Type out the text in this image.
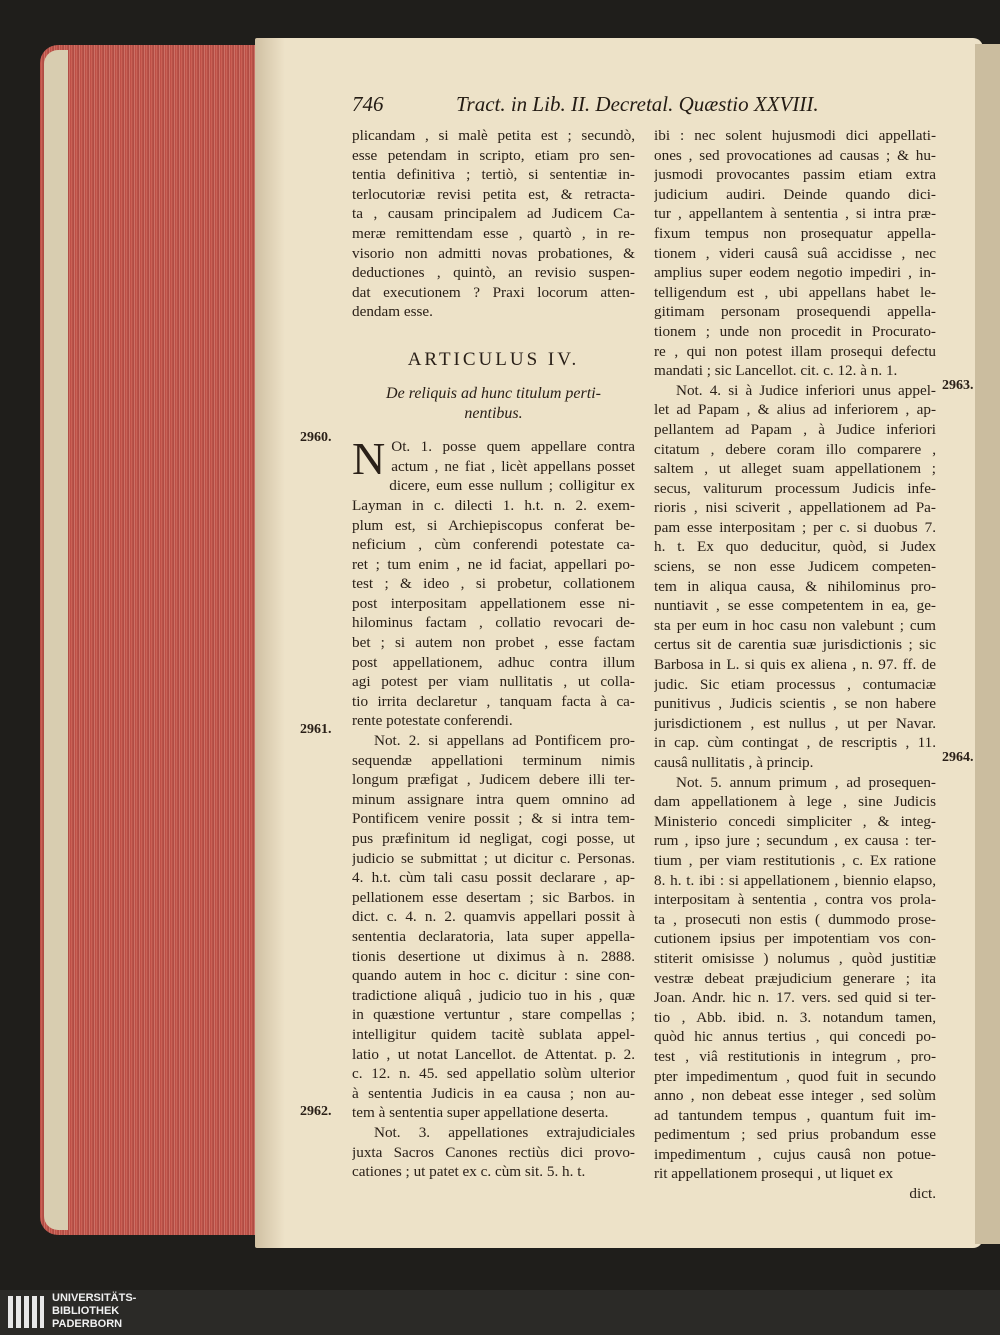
746	Tract. in Lib. II. Decretal. Quæstio XXVIII.
plicandam , si malè petita est ; secundò,
esse petendam in scripto, etiam pro sen-
tentia definitiva ; tertiò, si sententiæ in-
terlocutoriæ revisi petita est, & retracta-
ta , causam principalem ad Judicem Ca-
meræ remittendam esse , quartò , in re-
visorio non admitti novas probationes, &
deductiones , quintò, an revisio suspen-
dat executionem ? Praxi locorum atten-
dendam esse.
ARTICULUS IV.
De reliquis ad hunc titulum perti-
nentibus.
N Ot. 1. posse quem appellare contra
actum , ne fiat , licèt appellans posset
dicere, eum esse nullum ; colligitur ex
Layman in c. dilecti 1. h.t. n. 2. exem-
plum est, si Archiepiscopus conferat be-
neficium , cùm conferendi potestate ca-
ret ; tum enim , ne id faciat, appellari po-
test ; & ideo , si probetur, collationem
post interpositam appellationem esse ni-
hilominus factam , collatio revocari de-
bet ; si autem non probet , esse factam
post appellationem, adhuc contra illum
agi potest per viam nullitatis , ut colla-
tio irrita declaretur , tanquam facta à ca-
rente potestate conferendi.
Not. 2. si appellans ad Pontificem pro-
sequendæ appellationi terminum nimis
longum præfigat , Judicem debere illi ter-
minum assignare intra quem omnino ad
Pontificem venire possit ; & si intra tem-
pus præfinitum id negligat, cogi posse, ut
judicio se submittat ; ut dicitur c. Personas.
4. h.t. cùm tali casu possit declarare , ap-
pellationem esse desertam ; sic Barbos. in
dict. c. 4. n. 2. quamvis appellari possit à
sententia declaratoria, lata super appella-
tionis desertione ut diximus à n. 2888.
quando autem in hoc c. dicitur : sine con-
tradictione aliquâ , judicio tuo in his , quæ
in quæstione vertuntur , stare compellas ;
intelligitur quidem tacitè sublata appel-
latio , ut notat Lancellot. de Attentat. p. 2.
c. 12. n. 45. sed appellatio solùm ulterior
à sententia Judicis in ea causa ; non au-
tem à sententia super appellatione deserta.
Not. 3. appellationes extrajudiciales
juxta Sacros Canones rectiùs dici provo-
cationes ; ut patet ex c. cùm sit. 5. h. t.
ibi : nec solent hujusmodi dici appellati-
ones , sed provocationes ad causas ; & hu-
jusmodi provocantes passim etiam extra
judicium audiri. Deinde quando dici-
tur , appellantem à sententia , si intra præ-
fixum tempus non prosequatur appella-
tionem , videri causâ suâ accidisse , nec
amplius super eodem negotio impediri , in-
telligendum est , ubi appellans habet le-
gitimam personam prosequendi appella-
tionem ; unde non procedit in Procurato-
re , qui non potest illam prosequi defectu
mandati ; sic Lancellot. cit. c. 12. à n. 1.
Not. 4. si à Judice inferiori unus appel-
let ad Papam , & alius ad inferiorem , ap-
pellantem ad Papam , à Judice inferiori
citatum , debere coram illo comparere ,
saltem , ut alleget suam appellationem ;
secus, valiturum processum Judicis infe-
rioris , nisi sciverit , appellationem ad Pa-
pam esse interpositam ; per c. si duobus 7.
h. t. Ex quo deducitur, quòd, si Judex
sciens, se non esse Judicem competen-
tem in aliqua causa, & nihilominus pro-
nuntiavit , se esse competentem in ea, ge-
sta per eum in hoc casu non valebunt ; cum
certus sit de carentia suæ jurisdictionis ; sic
Barbosa in L. si quis ex aliena , n. 97. ff. de
judic. Sic etiam processus , contumaciæ
punitivus , Judicis scientis , se non habere
jurisdictionem , est nullus , ut per Navar.
in cap. cùm contingat , de rescriptis , 11.
causâ nullitatis , à princip.
Not. 5. annum primum , ad prosequen-
dam appellationem à lege , sine Judicis
Ministerio concedi simpliciter , & integ-
rum , ipso jure ; secundum , ex causa : ter-
tium , per viam restitutionis , c. Ex ratione
8. h. t. ibi : si appellationem , biennio elapso,
interpositam à sententia , contra vos prola-
ta , prosecuti non estis ( dummodo prose-
cutionem ipsius per impotentiam vos con-
stiterit omisisse ) nolumus , quòd justitiæ
vestræ debeat præjudicium generare ; ita
Joan. Andr. hic n. 17. vers. sed quid si ter-
tio , Abb. ibid. n. 3. notandum tamen,
quòd hic annus tertius , qui concedi po-
test , viâ restitutionis in integrum , pro-
pter impedimentum , quod fuit in secundo
anno , non debeat esse integer , sed solùm
ad tantundem tempus , quantum fuit im-
pedimentum ; sed prius probandum esse
impedimentum , cujus causâ non potue-
rit appellationem prosequi , ut liquet ex
dict.
2960.
2961.
2962.
2963.
2964.
UNIVERSITÄTS-
BIBLIOTHEK
PADERBORN
